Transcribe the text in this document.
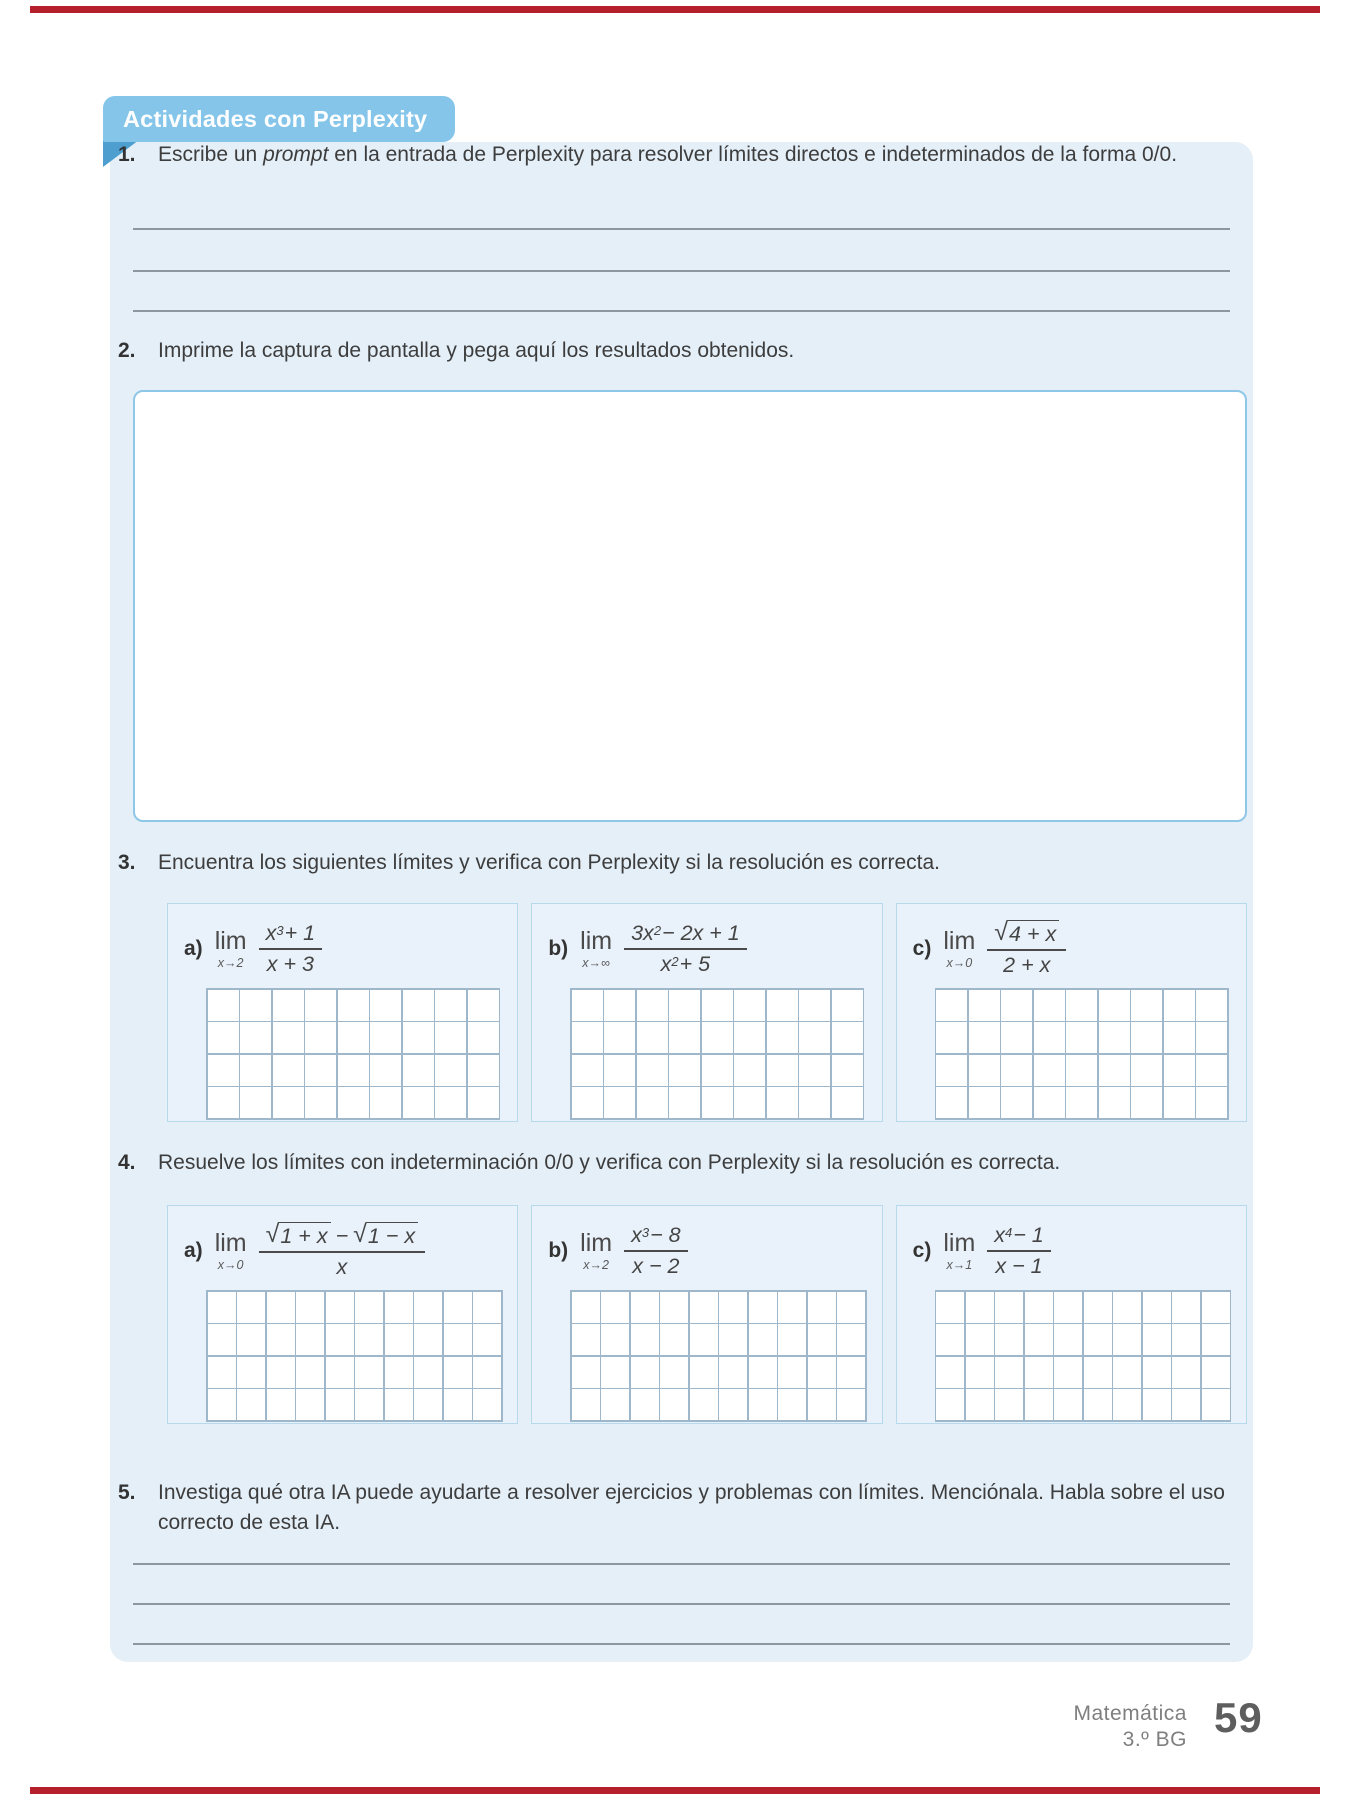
Actividades con Perplexity
1.	Escribe un prompt en la entrada de Perplexity para resolver límites directos e indeterminados de la forma 0/0.

2.	Imprime la captura de pantalla y pega aquí los resultados obtenidos.

3.	Encuentra los siguientes límites y verifica con Perplexity si la resolución es correcta.

a) lim
$x\to 2 \frac{x 3 + 1}{x + 3}$	b) lim
$x\to\infty \frac{3x 2 - 2x + 1}{x 2 + 5}$	c) lim
$x\to 0 \frac{√ 4 + x}{2 + x}$
4.	Resuelve los límites con indeterminación 0/0 y verifica con Perplexity si la resolución es correcta.

a) lim
$x\to 0 \frac{√ 1 + x - √ 1 - x}{x}$	b) lim
$x\to 2 \frac{x 3 - 8}{x - 2}$	c) lim
$x\to 1 \frac{x 4 - 1}{x - 1}$
5.	Investiga qué otra IA puede ayudarte a resolver ejercicios y problemas con límites. Menciónala. Habla sobre el uso correcto de esta IA.

Matemática
3.º BG 59
